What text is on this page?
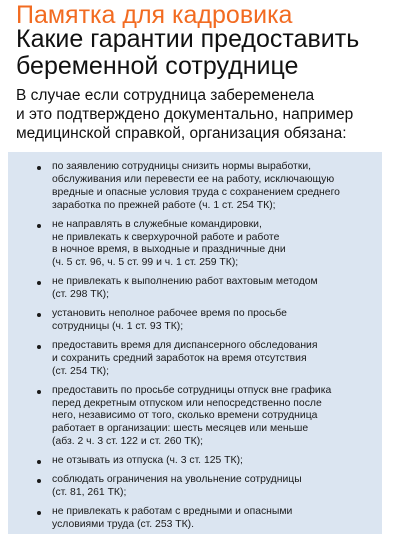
Памятка для кадровика
Какие гарантии предоставить
беременной сотруднице
В случае если сотрудница забеременела
и это подтверждено документально, например
медицинской справкой, организация обязана:
по заявлению сотрудницы снизить нормы выработки,
обслуживания или перевести ее на работу, исключающую
вредные и опасные условия труда с сохранением среднего
заработка по прежней работе (ч. 1 ст. 254 ТК);
не направлять в служебные командировки,
не привлекать к сверхурочной работе и работе
в ночное время, в выходные и праздничные дни
(ч. 5 ст. 96, ч. 5 ст. 99 и ч. 1 ст. 259 ТК);
не привлекать к выполнению работ вахтовым методом
(ст. 298 ТК);
установить неполное рабочее время по просьбе
сотрудницы (ч. 1 ст. 93 ТК);
предоставить время для диспансерного обследования
и сохранить средний заработок на время отсутствия
(ст. 254 ТК);
предоставить по просьбе сотрудницы отпуск вне графика
перед декретным отпуском или непосредственно после
него, независимо от того, сколько времени сотрудница
работает в организации: шесть месяцев или меньше
(абз. 2 ч. 3 ст. 122 и ст. 260 ТК);
не отзывать из отпуска (ч. 3 ст. 125 ТК);
соблюдать ограничения на увольнение сотрудницы
(ст. 81, 261 ТК);
не привлекать к работам с вредными и опасными
условиями труда (ст. 253 ТК).
